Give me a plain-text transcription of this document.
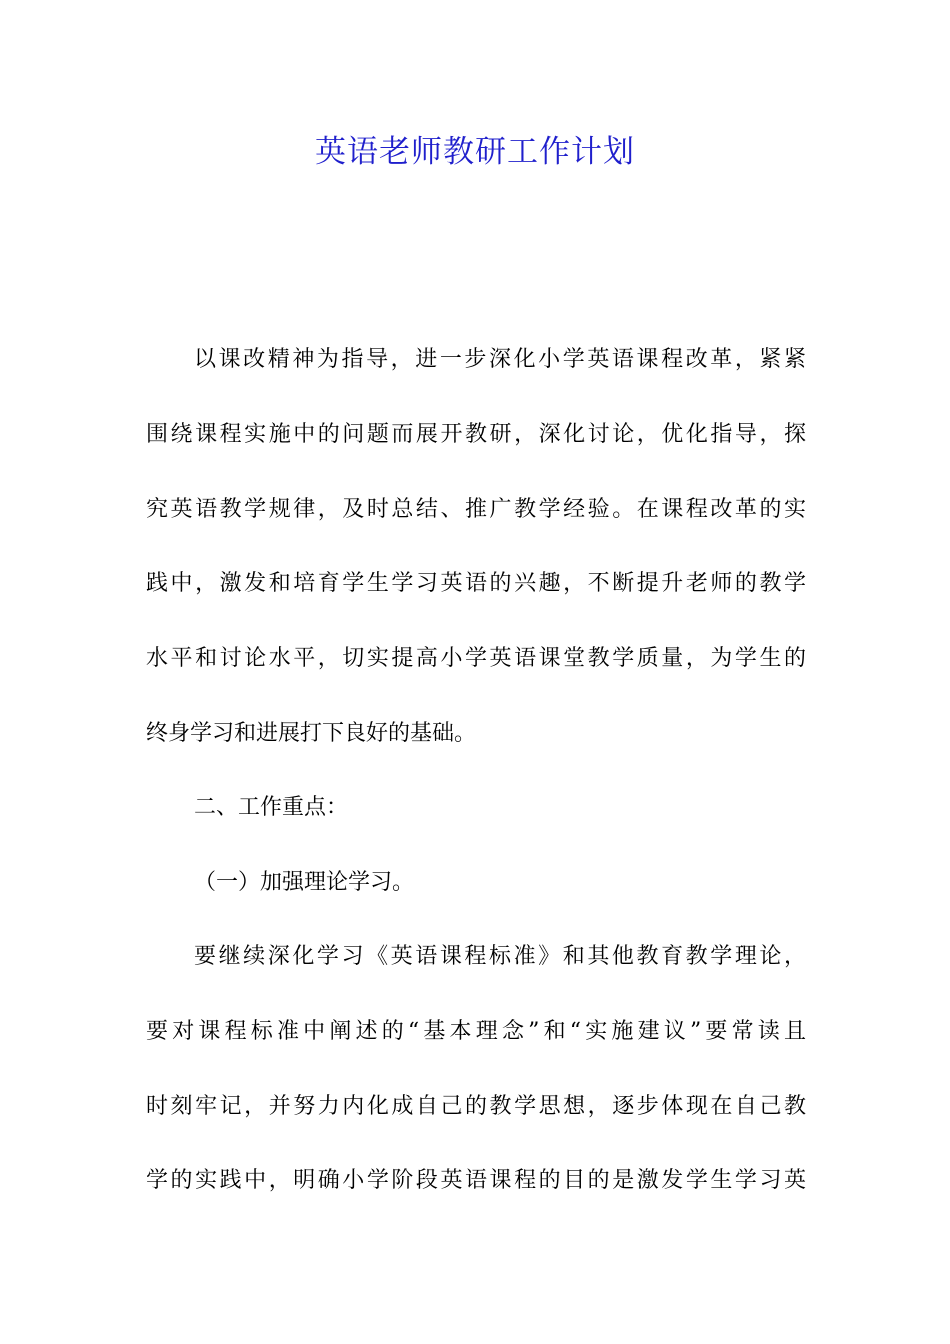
英语老师教研工作计划
以课改精神为指导，进一步深化小学英语课程改革，紧紧
围绕课程实施中的问题而展开教研，深化讨论，优化指导，探
究英语教学规律，及时总结、推广教学经验。在课程改革的实
践中，激发和培育学生学习英语的兴趣，不断提升老师的教学
水平和讨论水平，切实提高小学英语课堂教学质量，为学生的
终身学习和进展打下良好的基础。
二、工作重点：
（一）加强理论学习。
要继续深化学习《英语课程标准》和其他教育教学理论，
要对课程标准中阐述的“基本理念”和“实施建议”要常读且
时刻牢记，并努力内化成自己的教学思想，逐步体现在自己教
学的实践中，明确小学阶段英语课程的目的是激发学生学习英
